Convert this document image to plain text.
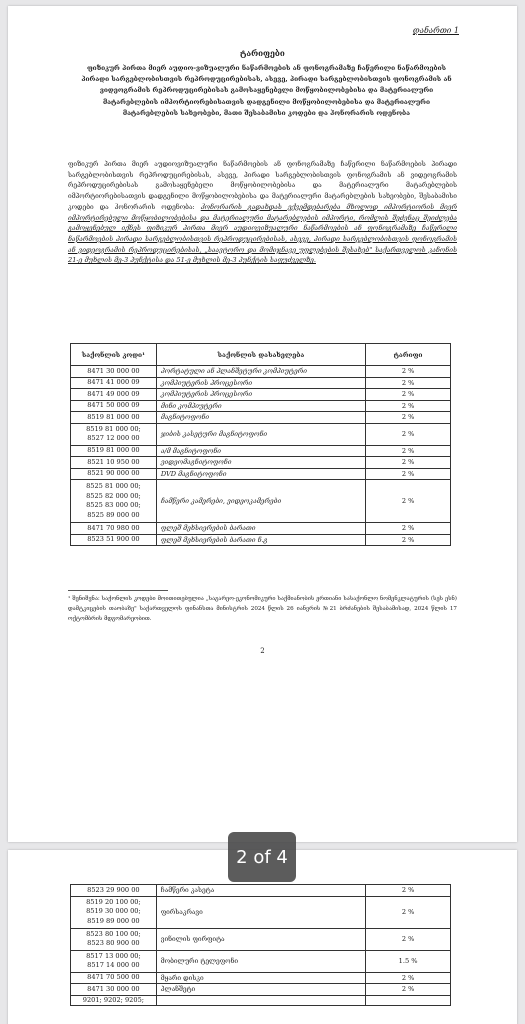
დანართი 1
ტარიფები
ფიზიკურ პირთა მიერ აუდიო-ვიზუალური ნაწარმოების ან ფონოგრამაზე ჩაწერილი ნაწარმოების პირადი სარგებლობისთვის რეპროდუცირებისას, ასევე, პირადი სარგებლობისთვის ფონოგრამის ან ვიდეოგრამის რეპროდუცირებისას გამოსაყენებელი მოწყობილობებისა და მატერიალური მატარებლების იმპორტიორებისათვის დადგენილი მოწყობილობებისა და მატერიალური მატარებლების სახეობები, მათი შესაბამისი კოდები და ჰონორარის ოდენობა
ფიზიკურ პირთა მიერ აუდიოვიზუალური ნაწარმოების ან ფონოგრამაზე ჩაწერილი ნაწარმოების პირადი სარგებლობისთვის რეპროდუცირებისას, ასევე, პირადი სარგებლობისთვის ფონოგრამის ან ვიდეოგრამის რეპროდუცირებისას გამოსაყენებელი მოწყობილობებისა და მატერიალური მატარებლების იმპორტიორებისათვის დადგენილი მოწყობილობებისა და მატერიალური მატარებლების სახეობები, შესაბამისი კოდები და ჰონორარის ოდენობა: ჰონორარის გადახდას ექვემდებარება მხოლოდ იმპორტიორის მიერ იმპორტირებული მოწყობილობებისა და მატერიალური მატარებლების იმპორტი, რომლის შეძენაც შეიძლება გამოყენებულ იქნეს ფიზიკურ პირთა მიერ აუდიოვიზუალური ნაწარმოების ან ფონოგრამაზე ჩაწერილი ნაწარმოების პირადი სარგებლობისთვის რეპროდუცირებისას, ასევე, პირადი სარგებლობისთვის ფონოგრამის ან ვიდეოგრამის რეპროდუცირებისას, „საავტორო და მომიჯნავე უფლებების შესახებ" საქართველოს კანონის 21-ე მუხლის მე-3 პუნქტისა და 51-ე მუხლის მე-3 პუნქტის საფუძველზე.
საქონლის კოდი¹	საქონლის დასახელება	ტარიფი
8471 30 000 00	პორტატული ან პლანშეტური კომპიუტერი	2 %
8471 41 000 09	კომპიუტერის პროცესორი	2 %
8471 49 000 09	კომპიუტერის პროცესორი	2 %
8471 50 000 09	მინი კომპიუტერი	2 %
8519 81 000 00	მაგნიტოფონი	2 %
8519 81 000 00;
8527 12 000 00	ჯიბის კასეტური მაგნიტოფონი	2 %
8519 81 000 00	ა/მ მაგნიტოფონი	2 %
8521 10 950 00	ვიდეომაგნიტოფონი	2 %
8521 90 000 00	DVD მაგნიტოფონი	2 %
8525 81 000 00;
8525 82 000 00;
8525 83 000 00;
8525 89 000 00	ჩამწერი კამერები, ვიდეოკამერები	2 %
8471 70 980 00	ფლეშ მეხსიერების ბარათი	2 %
8523 51 900 00	ფლეშ მეხსიერების ბარათი ნ.გ	2 %
¹ შენიშვნა: საქონლის კოდები მოითითებულია „საგარეო-ეკონომიკური საქმიანობის ერთიანი სასაქონლო ნომენკლატურის (სეს ესნ) დამტკიცების თაობაზე" საქართველოს ფინანსთა მინისტრის 2024 წლის 26 იანვრის №21 ბრძანების შესაბამისად, 2024 წლის 17 ოქტომბრის მდგომარეობით.
2
2 of 4
8523 29 900 00	ჩამწერი კასეტა	2 %
8519 20 100 00;
8519 30 000 00;
8519 89 000 00	ფირსაკრავი	2 %
8523 80 100 00;
8523 80 900 00	ვინილის ფირფიტა	2 %
8517 13 000 00;
8517 14 000 00	მობილური ტელეფონი	1.5 %
8471 70 500 00	მყარი დისკი	2 %
8471 30 000 00	პლანშეტი	2 %
9201; 9202; 9205;		
